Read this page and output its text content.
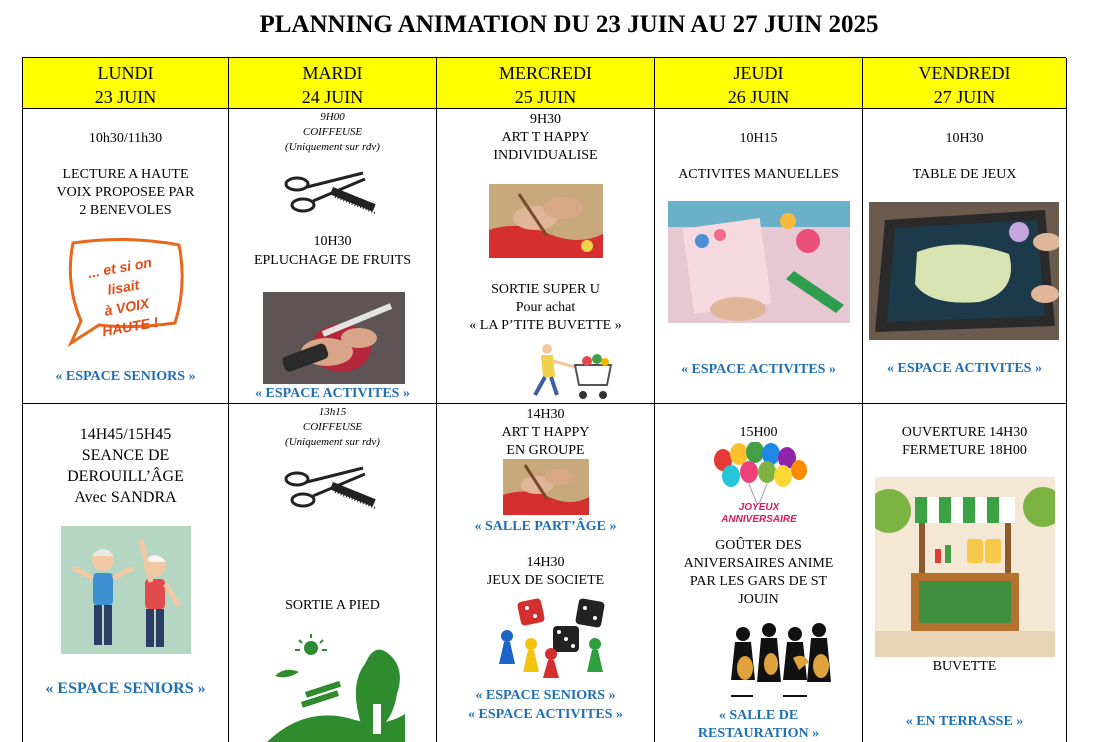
PLANNING ANIMATION DU 23 JUIN AU 27 JUIN 2025
LUNDI
23 JUIN
10h30/11h30
LECTURE A HAUTE
VOIX PROPOSEE PAR
2 BENEVOLES
... et si on lisait
à VOIX HAUTE !
« ESPACE SENIORS »
14H45/15H45
SEANCE DE
DEROUILL’ÂGE
Avec SANDRA
« ESPACE SENIORS »
MARDI
24 JUIN
9H00
COIFFEUSE
(Uniquement sur rdv)
10H30
EPLUCHAGE DE FRUITS
« ESPACE ACTIVITES »
13h15
COIFFEUSE
(Uniquement sur rdv)
SORTIE A PIED
MERCREDI
25 JUIN
9H30
ART T HAPPY
INDIVIDUALISE
SORTIE SUPER U
Pour achat
« LA P’TITE BUVETTE »
14H30
ART T HAPPY
EN GROUPE
« SALLE PART’ÂGE »
14H30
JEUX DE SOCIETE
« ESPACE SENIORS »
« ESPACE ACTIVITES »
JEUDI
26 JUIN
10H15
ACTIVITES MANUELLES
« ESPACE ACTIVITES »
15H00
JOYEUX
ANNIVERSAIRE
GOÛTER DES
ANIVERSAIRES ANIME
PAR LES GARS DE ST
JOUIN
« SALLE DE
RESTAURATION »
VENDREDI
27 JUIN
10H30
TABLE DE JEUX
« ESPACE ACTIVITES »
OUVERTURE 14H30
FERMETURE 18H00
BUVETTE
« EN TERRASSE »
